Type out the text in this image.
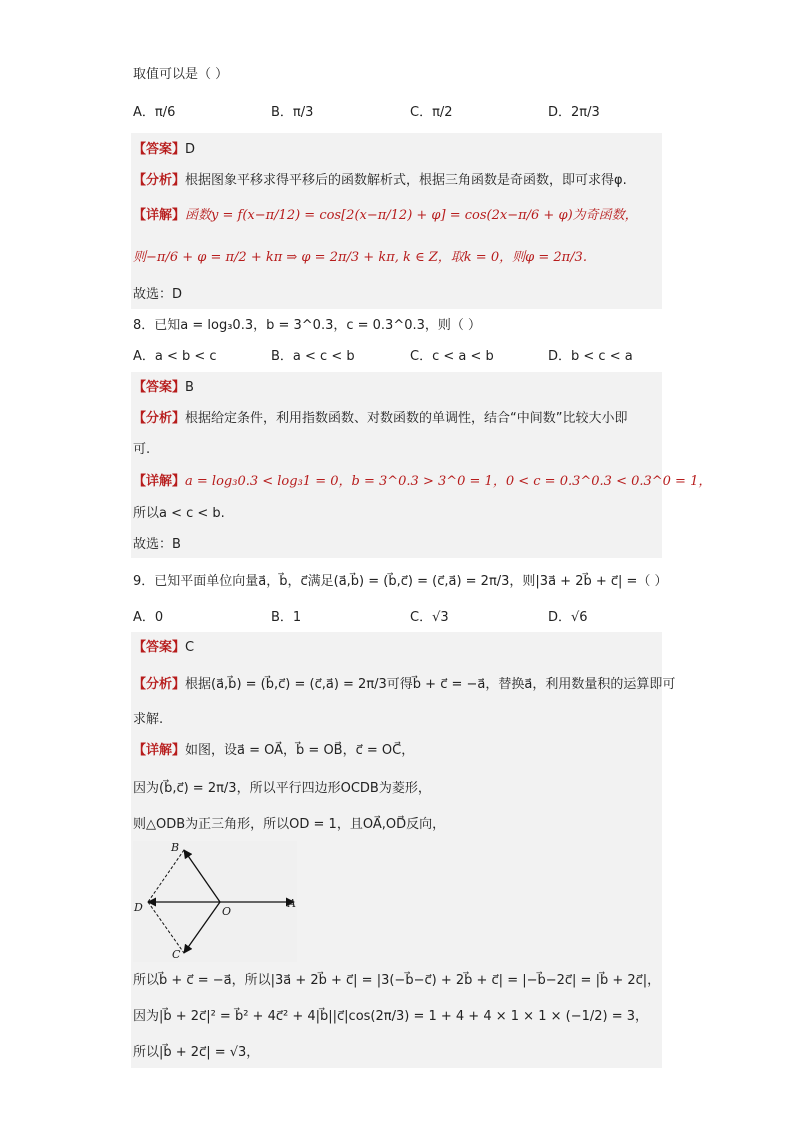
取值可以是（ ）
A．π/6	B．π/3	C．π/2	D．2π/3
【答案】D
【分析】根据图象平移求得平移后的函数解析式，根据三角函数是奇函数，即可求得φ.
【详解】函数y = f(x−π/12) = cos[2(x−π/12) + φ] = cos(2x−π/6 + φ)为奇函数，
则−π/6 + φ = π/2 + kπ ⇒ φ = 2π/3 + kπ, k ∈ Z，取k = 0，则φ = 2π/3.
故选：D
8．已知a = log₃0.3，b = 3^0.3，c = 0.3^0.3，则（ ）
A．a < b < c	B．a < c < b	C．c < a < b	D．b < c < a
【答案】B
【分析】根据给定条件，利用指数函数、对数函数的单调性，结合“中间数”比较大小即
可.
【详解】a = log₃0.3 < log₃1 = 0，b = 3^0.3 > 3^0 = 1，0 < c = 0.3^0.3 < 0.3^0 = 1，
所以a < c < b.
故选：B
9．已知平面单位向量a⃗，b⃗，c⃗满足(a⃗,b⃗) = (b⃗,c⃗) = (c⃗,a⃗) = 2π/3，则|3a⃗ + 2b⃗ + c⃗| =（ ）
A．0	B．1	C．√3	D．√6
【答案】C
【分析】根据(a⃗,b⃗) = (b⃗,c⃗) = (c⃗,a⃗) = 2π/3可得b⃗ + c⃗ = −a⃗，替换a⃗，利用数量积的运算即可
求解.
【详解】如图，设a⃗ = OA⃗，b⃗ = OB⃗，c⃗ = OC⃗，
因为(b⃗,c⃗) = 2π/3，所以平行四边形OCDB为菱形，
则△ODB为正三角形，所以OD = 1，且OA⃗,OD⃗反向，
B
D	O
A
C
所以b⃗ + c⃗ = −a⃗，所以|3a⃗ + 2b⃗ + c⃗| = |3(−b⃗−c⃗) + 2b⃗ + c⃗| = |−b⃗−2c⃗| = |b⃗ + 2c⃗|，
因为|b⃗ + 2c⃗|² = b⃗² + 4c⃗² + 4|b⃗||c⃗|cos(2π/3) = 1 + 4 + 4 × 1 × 1 × (−1/2) = 3，
所以|b⃗ + 2c⃗| = √3，
